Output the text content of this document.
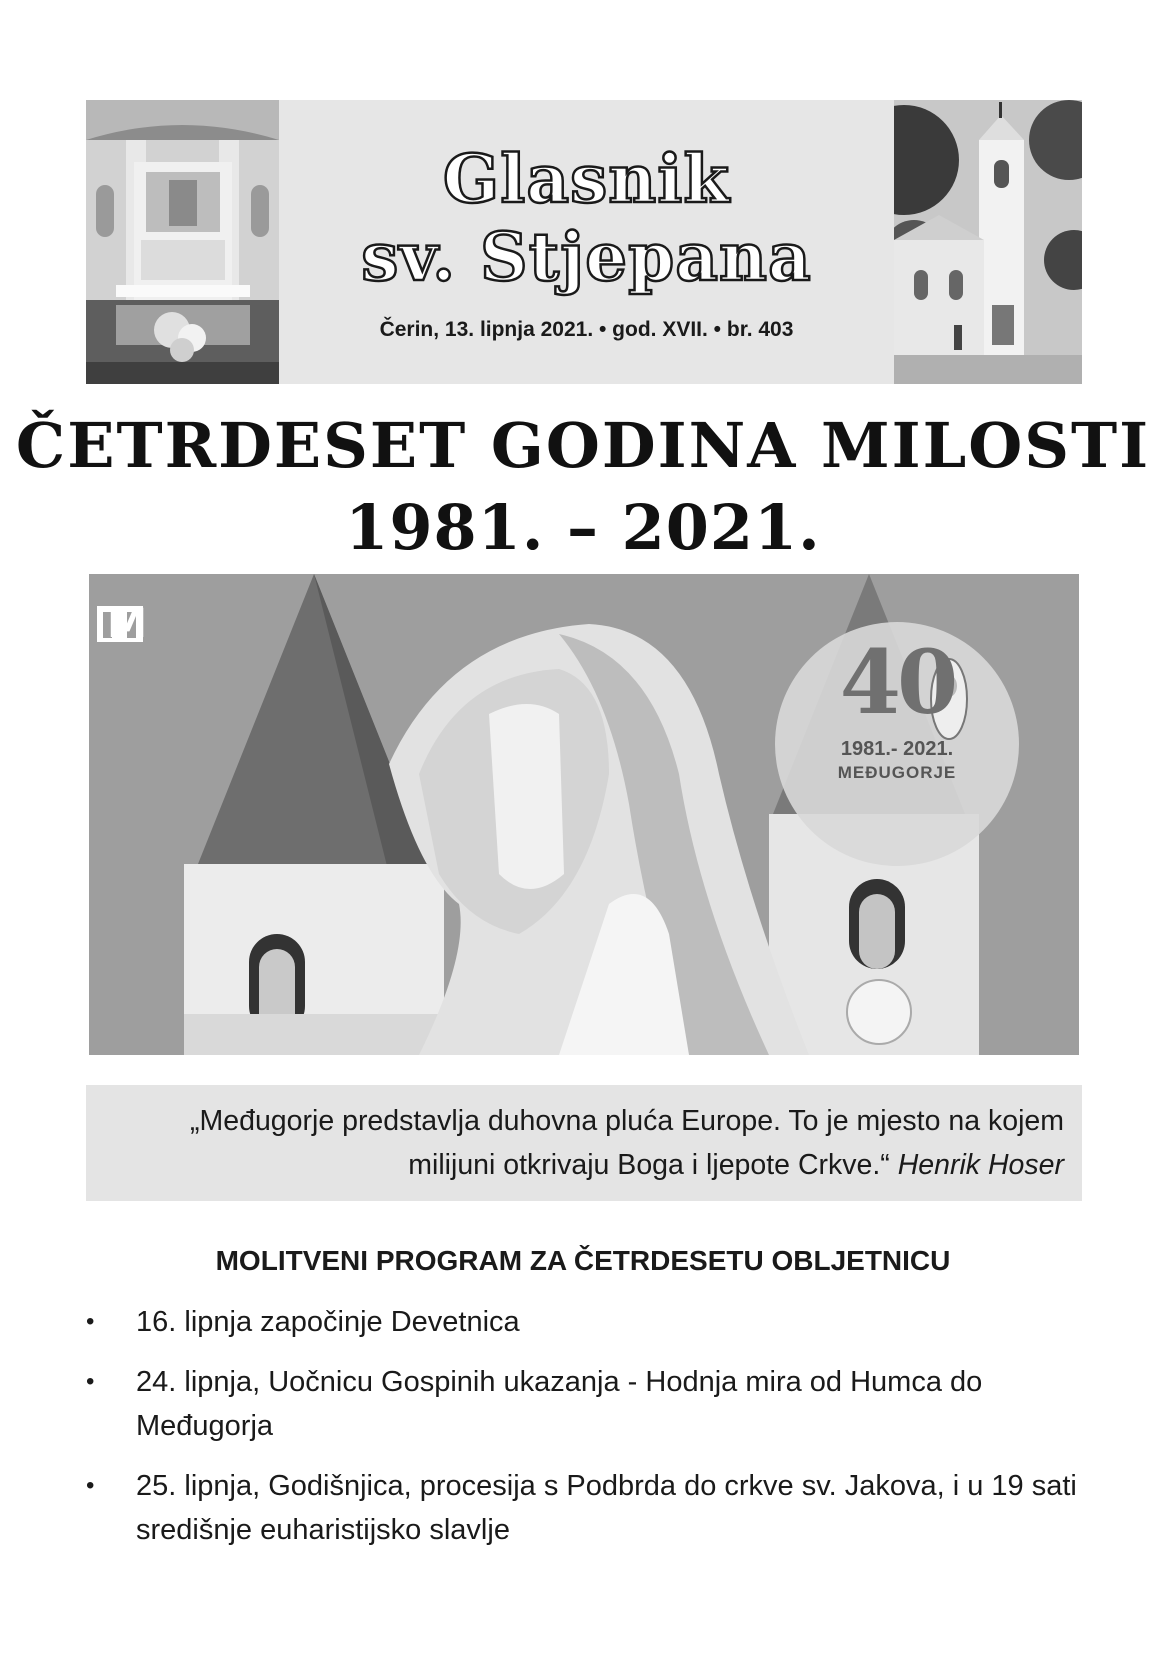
Glasnik
sv. Stjepana
Čerin, 13. lipnja 2021. • god. XVII. • br. 403
ČETRDESET GODINA MILOSTI
1981. – 2021.
M
40
1981.- 2021.
MEĐUGORJE
„Međugorje predstavlja duhovna pluća Europe. To je mjesto na kojem milijuni otkrivaju Boga i ljepote Crkve.“ Henrik Hoser
MOLITVENI PROGRAM ZA ČETRDESETU OBLJETNICU
• 16. lipnja započinje Devetnica
• 24. lipnja, Uočnicu Gospinih ukazanja - Hodnja mira od Humca do Međugorja
• 25. lipnja, Godišnjica, procesija s Podbrda do crkve sv. Jakova, i u 19 sati središnje euharistijsko slavlje
